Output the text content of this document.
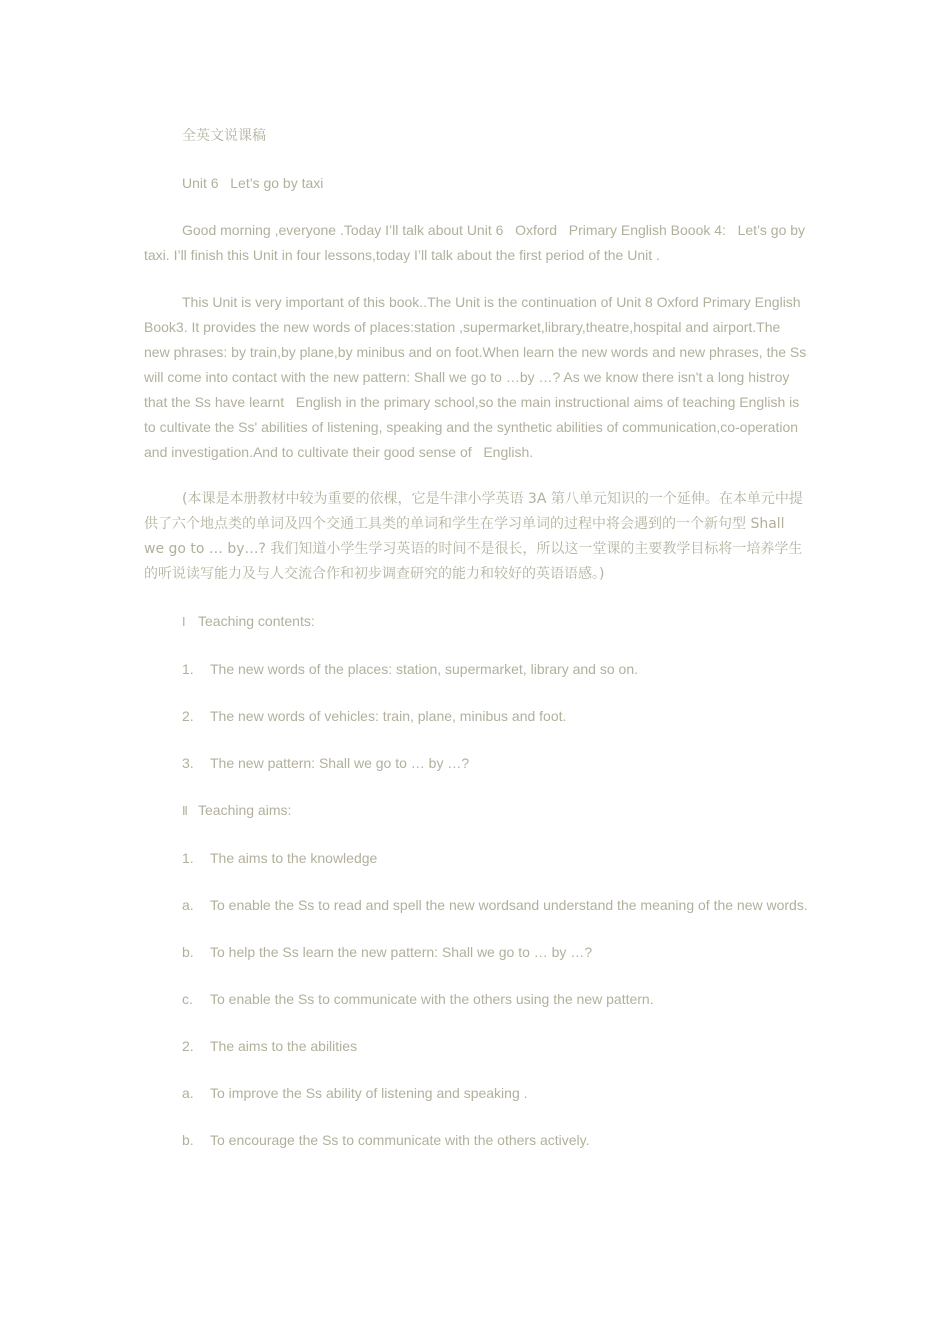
全英文说课稿
Unit 6   Let’s go by taxi
Good morning ,everyone .Today I’ll talk about Unit 6   Oxford   Primary English Boook 4:   Let’s go by taxi. I’ll finish this Unit in four lessons,today I’ll talk about the first period of the Unit .
This Unit is very important of this book..The Unit is the continuation of Unit 8 Oxford Primary English Book3. It provides the new words of places:station ,supermarket,library,theatre,hospital and airport.The new phrases: by train,by plane,by minibus and on foot.When learn the new words and new phrases, the Ss will come into contact with the new pattern: Shall we go to …by …? As we know there isn't a long histroy that the Ss have learnt   English in the primary school,so the main instructional aims of teaching English is to cultivate the Ss' abilities of listening, speaking and the synthetic abilities of communication,co-operation and investigation.And to cultivate their good sense of   English.
(本课是本册教材中较为重要的依棵，它是牛津小学英语 3A 第八单元知识的一个延伸。在本单元中提供了六个地点类的单词及四个交通工具类的单词和学生在学习单词的过程中将会遇到的一个新句型 Shall we go to … by…? 我们知道小学生学习英语的时间不是很长，所以这一堂课的主要教学目标将一培养学生的听说读写能力及与人交流合作和初步调查研究的能力和较好的英语语感。)
Ⅰ Teaching contents:
1. The new words of the places: station, supermarket, library and so on.
2. The new words of vehicles: train, plane, minibus and foot.
3. The new pattern: Shall we go to … by …?
Ⅱ Teaching aims:
1. The aims to the knowledge
a. To enable the Ss to read and spell the new wordsand understand the meaning of the new words.
b. To help the Ss learn the new pattern: Shall we go to … by …?
c. To enable the Ss to communicate with the others using the new pattern.
2. The aims to the abilities
a. To improve the Ss ability of listening and speaking .
b. To encourage the Ss to communicate with the others actively.
